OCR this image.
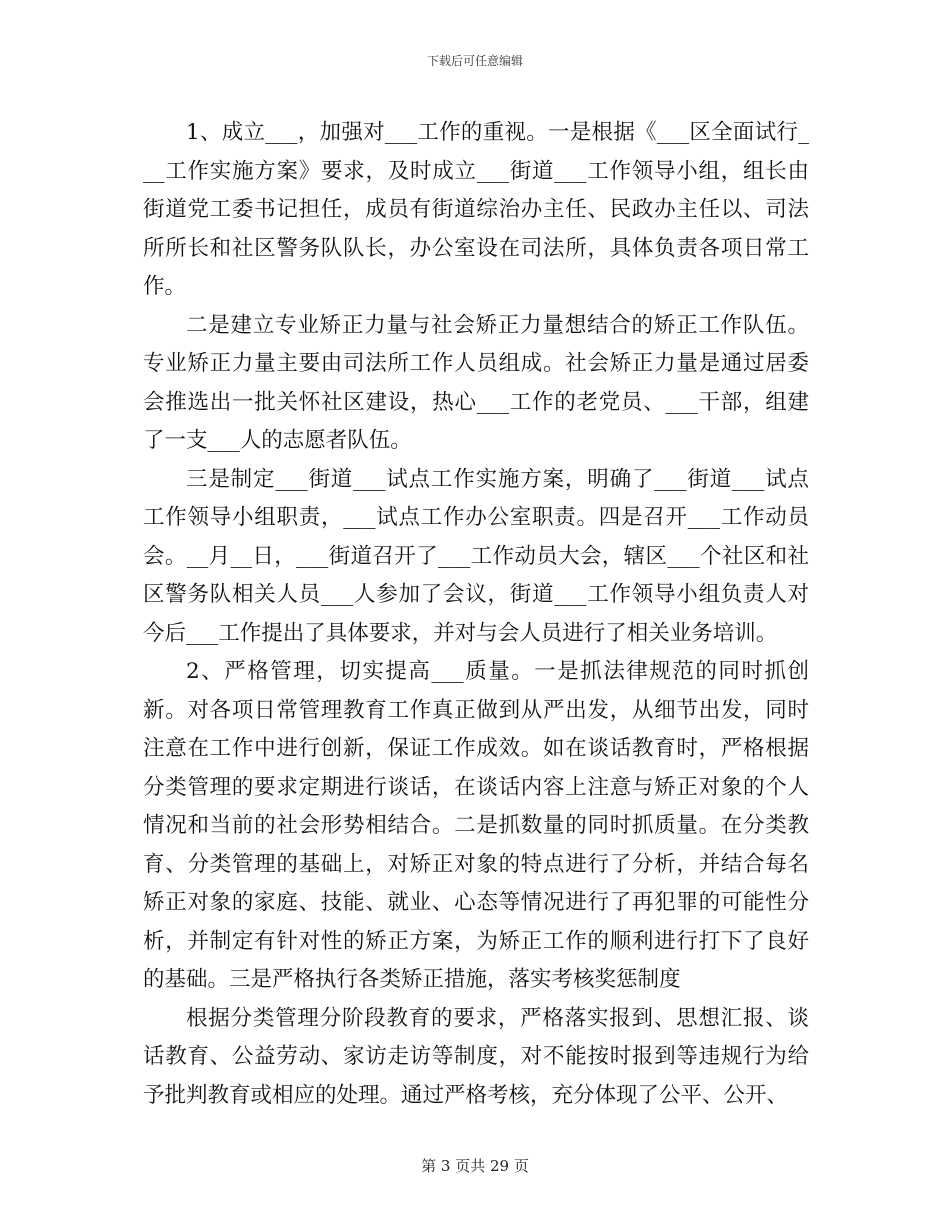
下载后可任意编辑

1、成立___，加强对___工作的重视。一是根据《___区全面试行___工作实施方案》要求，及时成立___街道___工作领导小组，组长由街道党工委书记担任，成员有街道综治办主任、民政办主任以、司法所所长和社区警务队队长，办公室设在司法所，具体负责各项日常工作。

二是建立专业矫正力量与社会矫正力量想结合的矫正工作队伍。专业矫正力量主要由司法所工作人员组成。社会矫正力量是通过居委会推选出一批关怀社区建设，热心___工作的老党员、___干部，组建了一支___人的志愿者队伍。

三是制定___街道___试点工作实施方案，明确了___街道___试点工作领导小组职责，___试点工作办公室职责。四是召开___工作动员会。__月__日，___街道召开了___工作动员大会，辖区___个社区和社区警务队相关人员___人参加了会议，街道___工作领导小组负责人对今后___工作提出了具体要求，并对与会人员进行了相关业务培训。

2、严格管理，切实提高___质量。一是抓法律规范的同时抓创新。对各项日常管理教育工作真正做到从严出发，从细节出发，同时注意在工作中进行创新，保证工作成效。如在谈话教育时，严格根据分类管理的要求定期进行谈话，在谈话内容上注意与矫正对象的个人情况和当前的社会形势相结合。二是抓数量的同时抓质量。在分类教育、分类管理的基础上，对矫正对象的特点进行了分析，并结合每名矫正对象的家庭、技能、就业、心态等情况进行了再犯罪的可能性分析，并制定有针对性的矫正方案，为矫正工作的顺利进行打下了良好的基础。三是严格执行各类矫正措施，落实考核奖惩制度

根据分类管理分阶段教育的要求，严格落实报到、思想汇报、谈话教育、公益劳动、家访走访等制度，对不能按时报到等违规行为给予批判教育或相应的处理。通过严格考核，充分体现了公平、公开、

第 3 页共 29 页
